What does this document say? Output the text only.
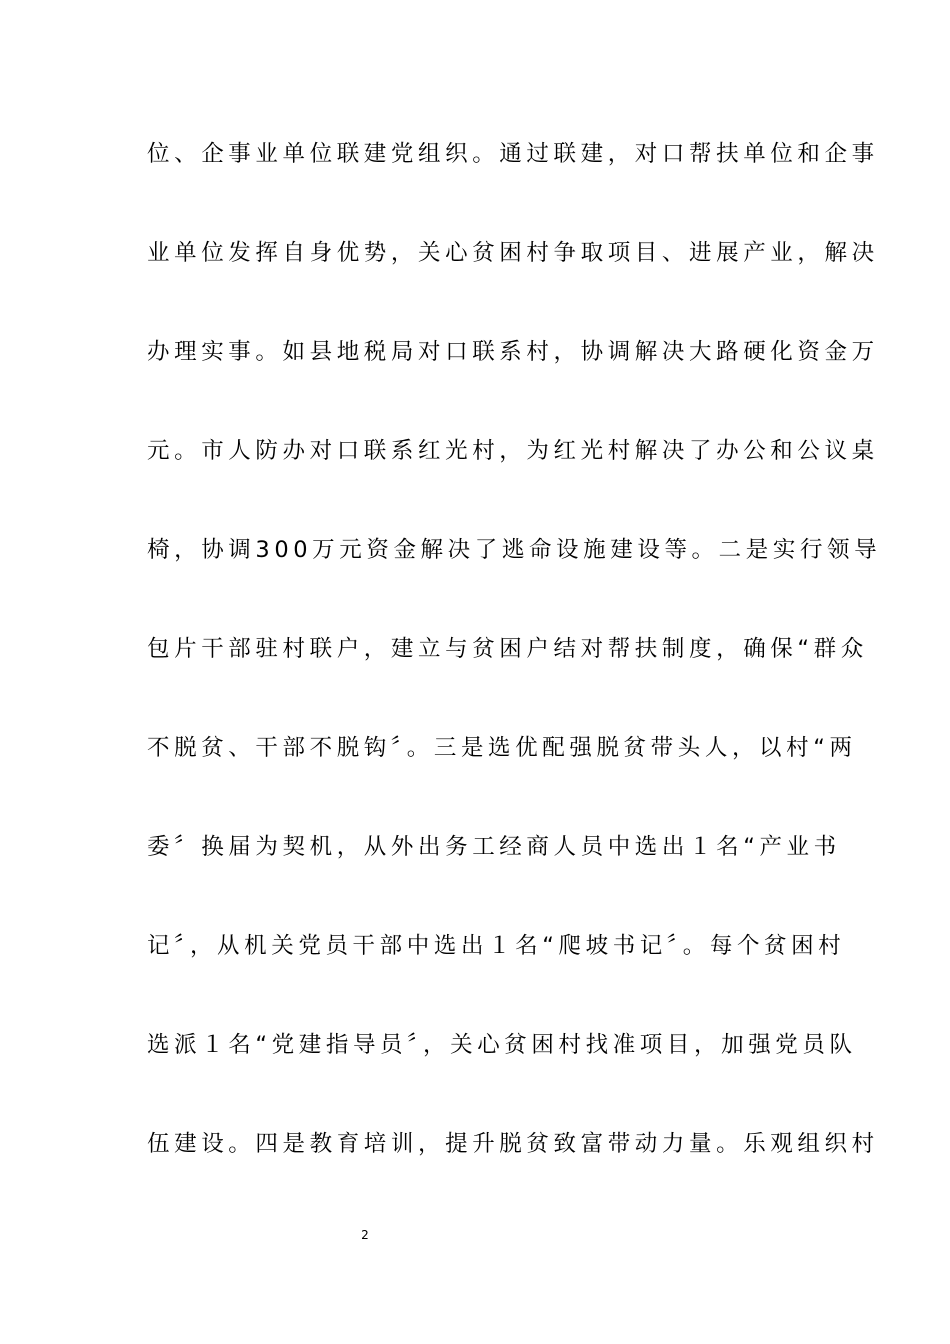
位、企事业单位联建党组织。通过联建，对口帮扶单位和企事
业单位发挥自身优势，关心贫困村争取项目、进展产业，解决
办理实事。如县地税局对口联系村，协调解决大路硬化资金万
元。市人防办对口联系红光村，为红光村解决了办公和公议桌
椅，协调300万元资金解决了逃命设施建设等。二是实行领导
包片干部驻村联户，建立与贫困户结对帮扶制度，确保“群众
不脱贫、干部不脱钩〞。三是选优配强脱贫带头人，以村“两
委〞换届为契机，从外出务工经商人员中选出１名“产业书
记〞，从机关党员干部中选出１名“爬坡书记〞。每个贫困村
选派１名“党建指导员〞，关心贫困村找准项目，加强党员队
伍建设。四是教育培训，提升脱贫致富带动力量。乐观组织村
2
